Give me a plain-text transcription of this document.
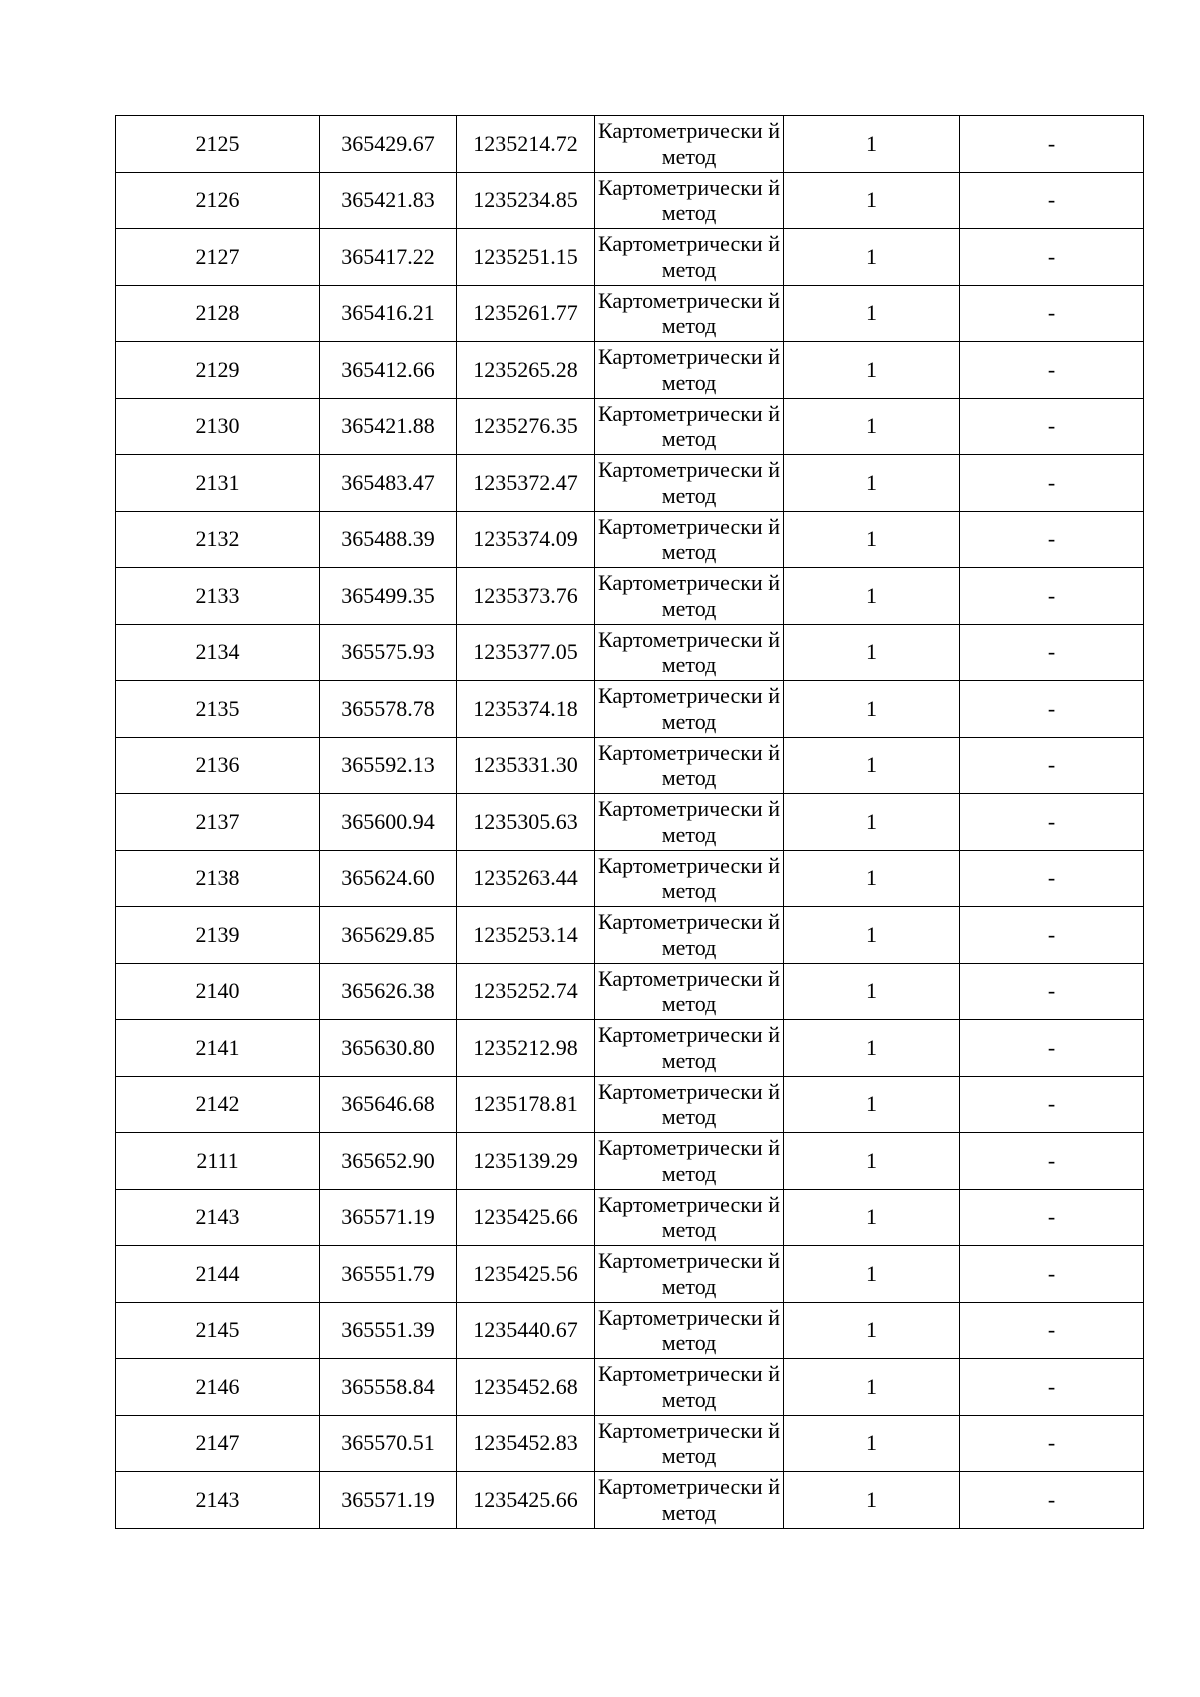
2125	365429.67	1235214.72	Картометрически й метод	1	-
2126	365421.83	1235234.85	Картометрически й метод	1	-
2127	365417.22	1235251.15	Картометрически й метод	1	-
2128	365416.21	1235261.77	Картометрически й метод	1	-
2129	365412.66	1235265.28	Картометрически й метод	1	-
2130	365421.88	1235276.35	Картометрически й метод	1	-
2131	365483.47	1235372.47	Картометрически й метод	1	-
2132	365488.39	1235374.09	Картометрически й метод	1	-
2133	365499.35	1235373.76	Картометрически й метод	1	-
2134	365575.93	1235377.05	Картометрически й метод	1	-
2135	365578.78	1235374.18	Картометрически й метод	1	-
2136	365592.13	1235331.30	Картометрически й метод	1	-
2137	365600.94	1235305.63	Картометрически й метод	1	-
2138	365624.60	1235263.44	Картометрически й метод	1	-
2139	365629.85	1235253.14	Картометрически й метод	1	-
2140	365626.38	1235252.74	Картометрически й метод	1	-
2141	365630.80	1235212.98	Картометрически й метод	1	-
2142	365646.68	1235178.81	Картометрически й метод	1	-
2111	365652.90	1235139.29	Картометрически й метод	1	-
2143	365571.19	1235425.66	Картометрически й метод	1	-
2144	365551.79	1235425.56	Картометрически й метод	1	-
2145	365551.39	1235440.67	Картометрически й метод	1	-
2146	365558.84	1235452.68	Картометрически й метод	1	-
2147	365570.51	1235452.83	Картометрически й метод	1	-
2143	365571.19	1235425.66	Картометрически й метод	1	-
